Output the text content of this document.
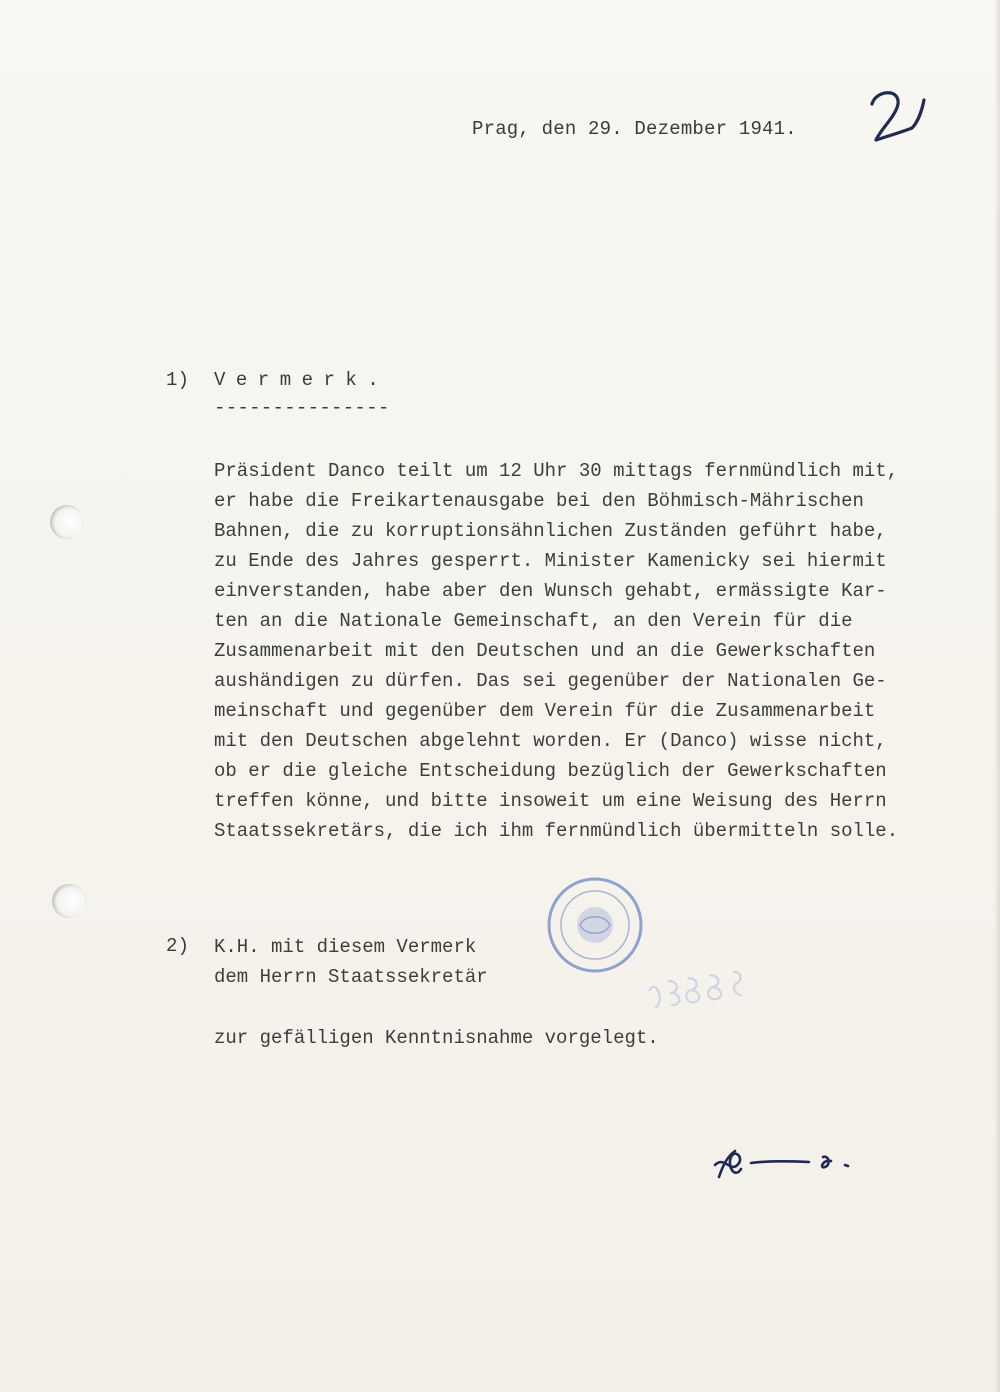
Prag, den 29. Dezember 1941.
1) Vermerk.
---------------
Präsident Danco teilt um 12 Uhr 30 mittags fernmündlich mit,
er habe die Freikartenausgabe bei den Böhmisch-Mährischen
Bahnen, die zu korruptionsähnlichen Zuständen geführt habe,
zu Ende des Jahres gesperrt. Minister Kamenicky sei hiermit
einverstanden, habe aber den Wunsch gehabt, ermässigte Kar-
ten an die Nationale Gemeinschaft, an den Verein für die
Zusammenarbeit mit den Deutschen und an die Gewerkschaften
aushändigen zu dürfen. Das sei gegenüber der Nationalen Ge-
meinschaft und gegenüber dem Verein für die Zusammenarbeit
mit den Deutschen abgelehnt worden. Er (Danco) wisse nicht,
ob er die gleiche Entscheidung bezüglich der Gewerkschaften
treffen könne, und bitte insoweit um eine Weisung des Herrn
Staatssekretärs, die ich ihm fernmündlich übermitteln solle.
2) K.H. mit diesem Vermerk
dem Herrn Staatssekretär
zur gefälligen Kenntnisnahme vorgelegt.
